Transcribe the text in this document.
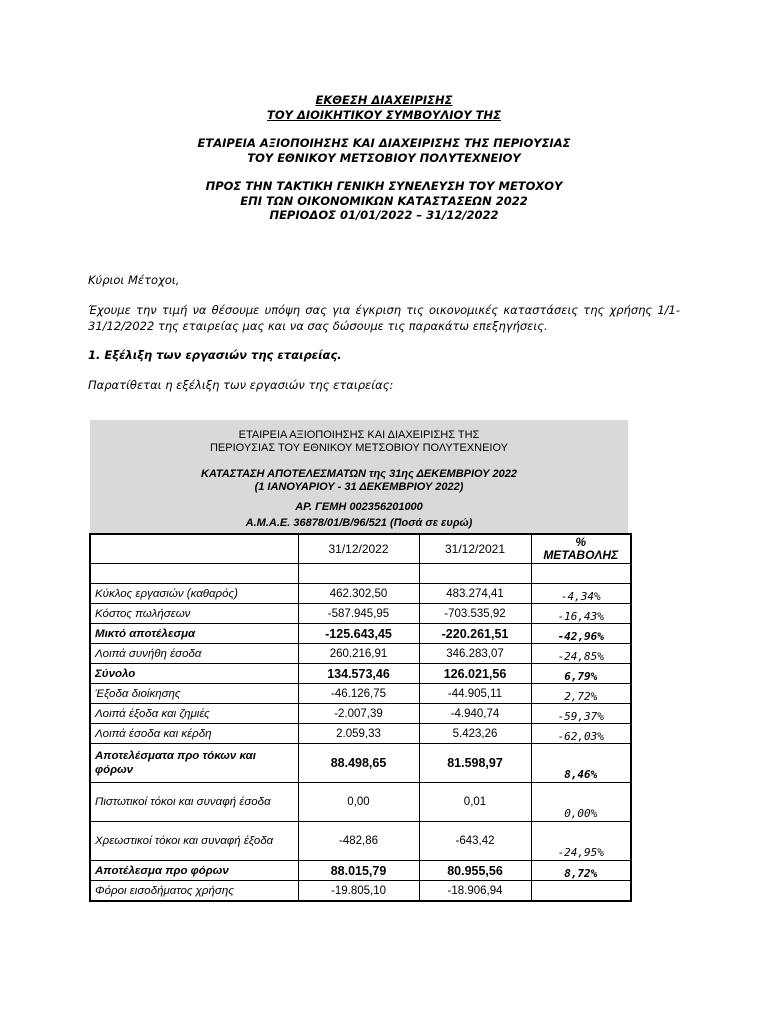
ΕΚΘΕΣΗ ΔΙΑΧΕΙΡΙΣΗΣ
ΤΟΥ ΔΙΟΙΚΗΤΙΚΟΥ ΣΥΜΒΟΥΛΙΟΥ ΤΗΣ
ΕΤΑΙΡΕΙΑ ΑΞΙΟΠΟΙΗΣΗΣ ΚΑΙ ΔΙΑΧΕΙΡΙΣΗΣ ΤΗΣ ΠΕΡΙΟΥΣΙΑΣ
ΤΟΥ ΕΘΝΙΚΟΥ ΜΕΤΣΟΒΙΟΥ ΠΟΛΥΤΕΧΝΕΙΟΥ
ΠΡΟΣ ΤΗΝ ΤΑΚΤΙΚΗ ΓΕΝΙΚΗ ΣΥΝΕΛΕΥΣΗ ΤΟΥ ΜΕΤΟΧΟΥ
ΕΠΙ ΤΩΝ ΟΙΚΟΝΟΜΙΚΩΝ ΚΑΤΑΣΤΑΣΕΩΝ 2022
ΠΕΡΙΟΔΟΣ 01/01/2022 – 31/12/2022
Κύριοι Μέτοχοι,
Έχουμε την τιμή να θέσουμε υπόψη σας για έγκριση τις οικονομικές καταστάσεις της χρήσης 1/1-31/12/2022 της εταιρείας μας και να σας δώσουμε τις παρακάτω επεξηγήσεις.
1. Εξέλιξη των εργασιών της εταιρείας.
Παρατίθεται η εξέλιξη των εργασιών της εταιρείας:
ΕΤΑΙΡΕΙΑ ΑΞΙΟΠΟΙΗΣΗΣ ΚΑΙ ΔΙΑΧΕΙΡΙΣΗΣ ΤΗΣ
ΠΕΡΙΟΥΣΙΑΣ ΤΟΥ ΕΘΝΙΚΟΥ ΜΕΤΣΟΒΙΟΥ ΠΟΛΥΤΕΧΝΕΙΟΥ
ΚΑΤΑΣΤΑΣΗ ΑΠΟΤΕΛΕΣΜΑΤΩΝ της 31ης ΔΕΚΕΜΒΡΙΟΥ 2022
(1 ΙΑΝΟΥΑΡΙΟΥ - 31 ΔΕΚΕΜΒΡΙΟΥ 2022)
ΑΡ. ΓΕΜΗ 002356201000
Α.Μ.Α.Ε. 36878/01/B/96/521 (Ποσά σε ευρώ)
	31/12/2022	31/12/2021	%
ΜΕΤΑΒΟΛΗΣ

Κύκλος εργασιών (καθαρός)	462.302,50	483.274,41	-4,34%
Κόστος πωλήσεων	-587.945,95	-703.535,92	-16,43%
Μικτό αποτέλεσμα	-125.643,45	-220.261,51	-42,96%
Λοιπά συνήθη έσοδα	260.216,91	346.283,07	-24,85%
Σύνολο	134.573,46	126.021,56	6,79%
Έξοδα διοίκησης	-46.126,75	-44.905,11	2,72%
Λοιπά έξοδα και ζημιές	-2.007,39	-4.940,74	-59,37%
Λοιπά έσοδα και κέρδη	2.059,33	5.423,26	-62,03%
Αποτελέσματα προ τόκων και φόρων	88.498,65	81.598,97	8,46%
Πιστωτικοί τόκοι και συναφή έσοδα	0,00	0,01	0,00%
Χρεωστικοί τόκοι και συναφή έξοδα	-482,86	-643,42	-24,95%
Αποτέλεσμα προ φόρων	88.015,79	80.955,56	8,72%
Φόροι εισοδήματος χρήσης	-19.805,10	-18.906,94	
